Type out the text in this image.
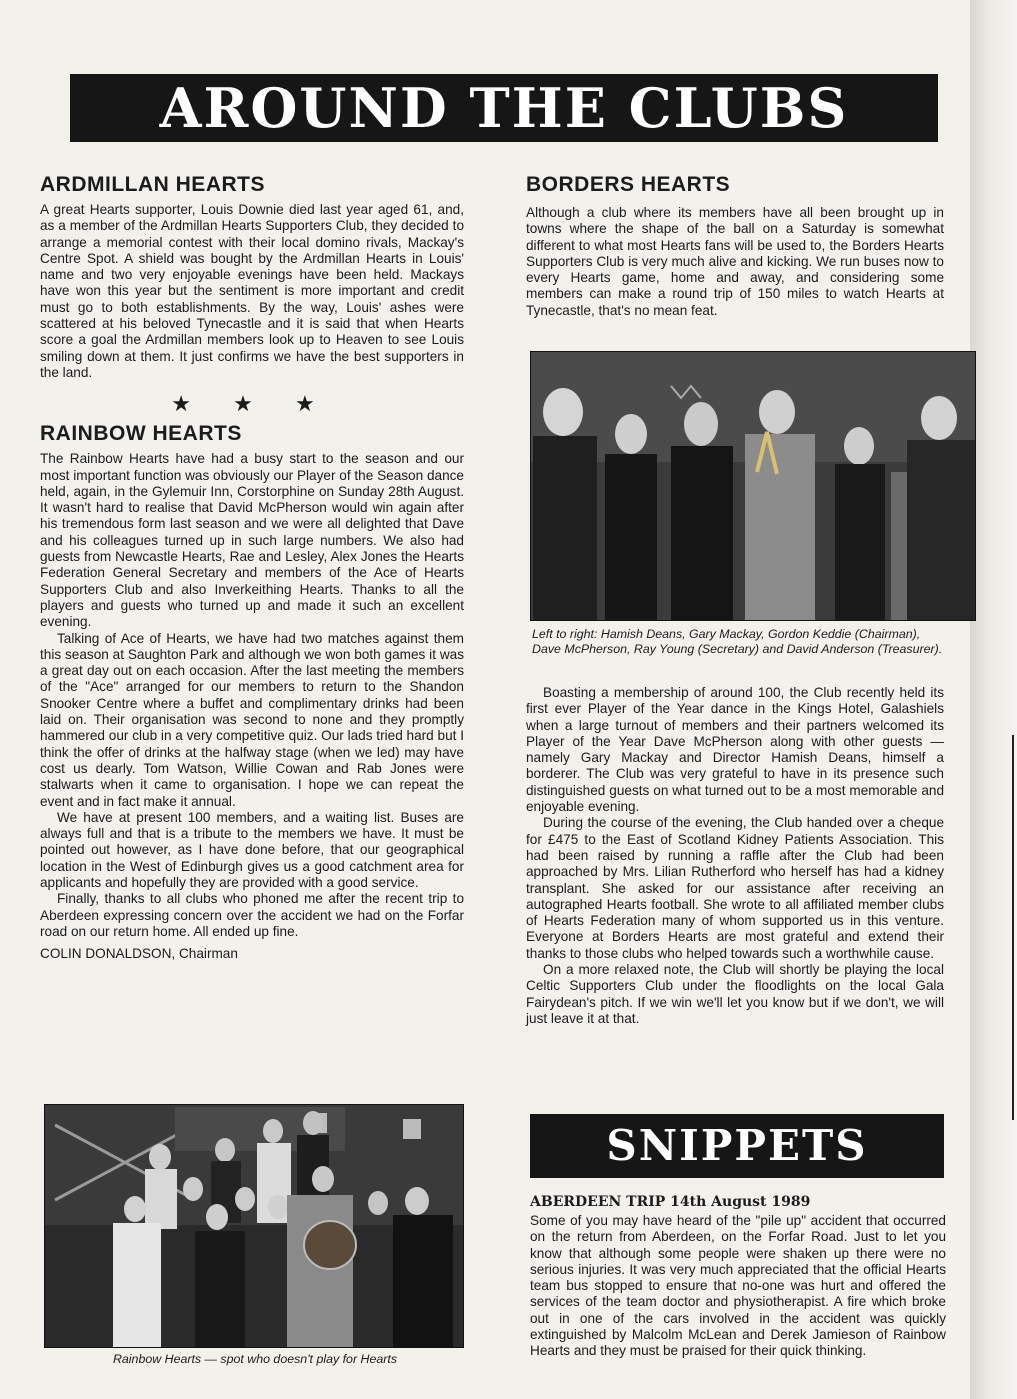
AROUND THE CLUBS
ARDMILLAN HEARTS

A great Hearts supporter, Louis Downie died last year aged 61, and, as a member of the Ardmillan Hearts Supporters Club, they decided to arrange a memorial contest with their local domino rivals, Mackay's Centre Spot. A shield was bought by the Ardmillan Hearts in Louis' name and two very enjoyable evenings have been held. Mackays have won this year but the sentiment is more important and credit must go to both establishments. By the way, Louis' ashes were scattered at his beloved Tynecastle and it is said that when Hearts score a goal the Ardmillan members look up to Heaven to see Louis smiling down at them. It just confirms we have the best supporters in the land.

★ ★ ★
RAINBOW HEARTS

The Rainbow Hearts have had a busy start to the season and our most important function was obviously our Player of the Season dance held, again, in the Gylemuir Inn, Corstorphine on Sunday 28th August. It wasn't hard to realise that David McPherson would win again after his tremendous form last season and we were all delighted that Dave and his colleagues turned up in such large numbers. We also had guests from Newcastle Hearts, Rae and Lesley, Alex Jones the Hearts Federation General Secretary and members of the Ace of Hearts Supporters Club and also Inverkeithing Hearts. Thanks to all the players and guests who turned up and made it such an excellent evening.

Talking of Ace of Hearts, we have had two matches against them this season at Saughton Park and although we won both games it was a great day out on each occasion. After the last meeting the members of the "Ace" arranged for our members to return to the Shandon Snooker Centre where a buffet and complimentary drinks had been laid on. Their organisation was second to none and they promptly hammered our club in a very competitive quiz. Our lads tried hard but I think the offer of drinks at the halfway stage (when we led) may have cost us dearly. Tom Watson, Willie Cowan and Rab Jones were stalwarts when it came to organisation. I hope we can repeat the event and in fact make it annual.

We have at present 100 members, and a waiting list. Buses are always full and that is a tribute to the members we have. It must be pointed out however, as I have done before, that our geographical location in the West of Edinburgh gives us a good catchment area for applicants and hopefully they are provided with a good service.

Finally, thanks to all clubs who phoned me after the recent trip to Aberdeen expressing concern over the accident we had on the Forfar road on our return home. All ended up fine.

COLIN DONALDSON, Chairman

Rainbow Hearts — spot who doesn't play for Hearts
BORDERS HEARTS

Although a club where its members have all been brought up in towns where the shape of the ball on a Saturday is somewhat different to what most Hearts fans will be used to, the Borders Hearts Supporters Club is very much alive and kicking. We run buses now to every Hearts game, home and away, and considering some members can make a round trip of 150 miles to watch Hearts at Tynecastle, that's no mean feat.

Left to right: Hamish Deans, Gary Mackay, Gordon Keddie (Chairman), Dave McPherson, Ray Young (Secretary) and David Anderson (Treasurer).

Boasting a membership of around 100, the Club recently held its first ever Player of the Year dance in the Kings Hotel, Galashiels when a large turnout of members and their partners welcomed its Player of the Year Dave McPherson along with other guests — namely Gary Mackay and Director Hamish Deans, himself a borderer. The Club was very grateful to have in its presence such distinguished guests on what turned out to be a most memorable and enjoyable evening.

During the course of the evening, the Club handed over a cheque for £475 to the East of Scotland Kidney Patients Association. This had been raised by running a raffle after the Club had been approached by Mrs. Lilian Rutherford who herself has had a kidney transplant. She asked for our assistance after receiving an autographed Hearts football. She wrote to all affiliated member clubs of Hearts Federation many of whom supported us in this venture. Everyone at Borders Hearts are most grateful and extend their thanks to those clubs who helped towards such a worthwhile cause.

On a more relaxed note, the Club will shortly be playing the local Celtic Supporters Club under the floodlights on the local Gala Fairydean's pitch. If we win we'll let you know but if we don't, we will just leave it at that.

SNIPPETS
ABERDEEN TRIP 14th August 1989

Some of you may have heard of the "pile up" accident that occurred on the return from Aberdeen, on the Forfar Road. Just to let you know that although some people were shaken up there were no serious injuries. It was very much appreciated that the official Hearts team bus stopped to ensure that no-one was hurt and offered the services of the team doctor and physiotherapist. A fire which broke out in one of the cars involved in the accident was quickly extinguished by Malcolm McLean and Derek Jamieson of Rainbow Hearts and they must be praised for their quick thinking.
